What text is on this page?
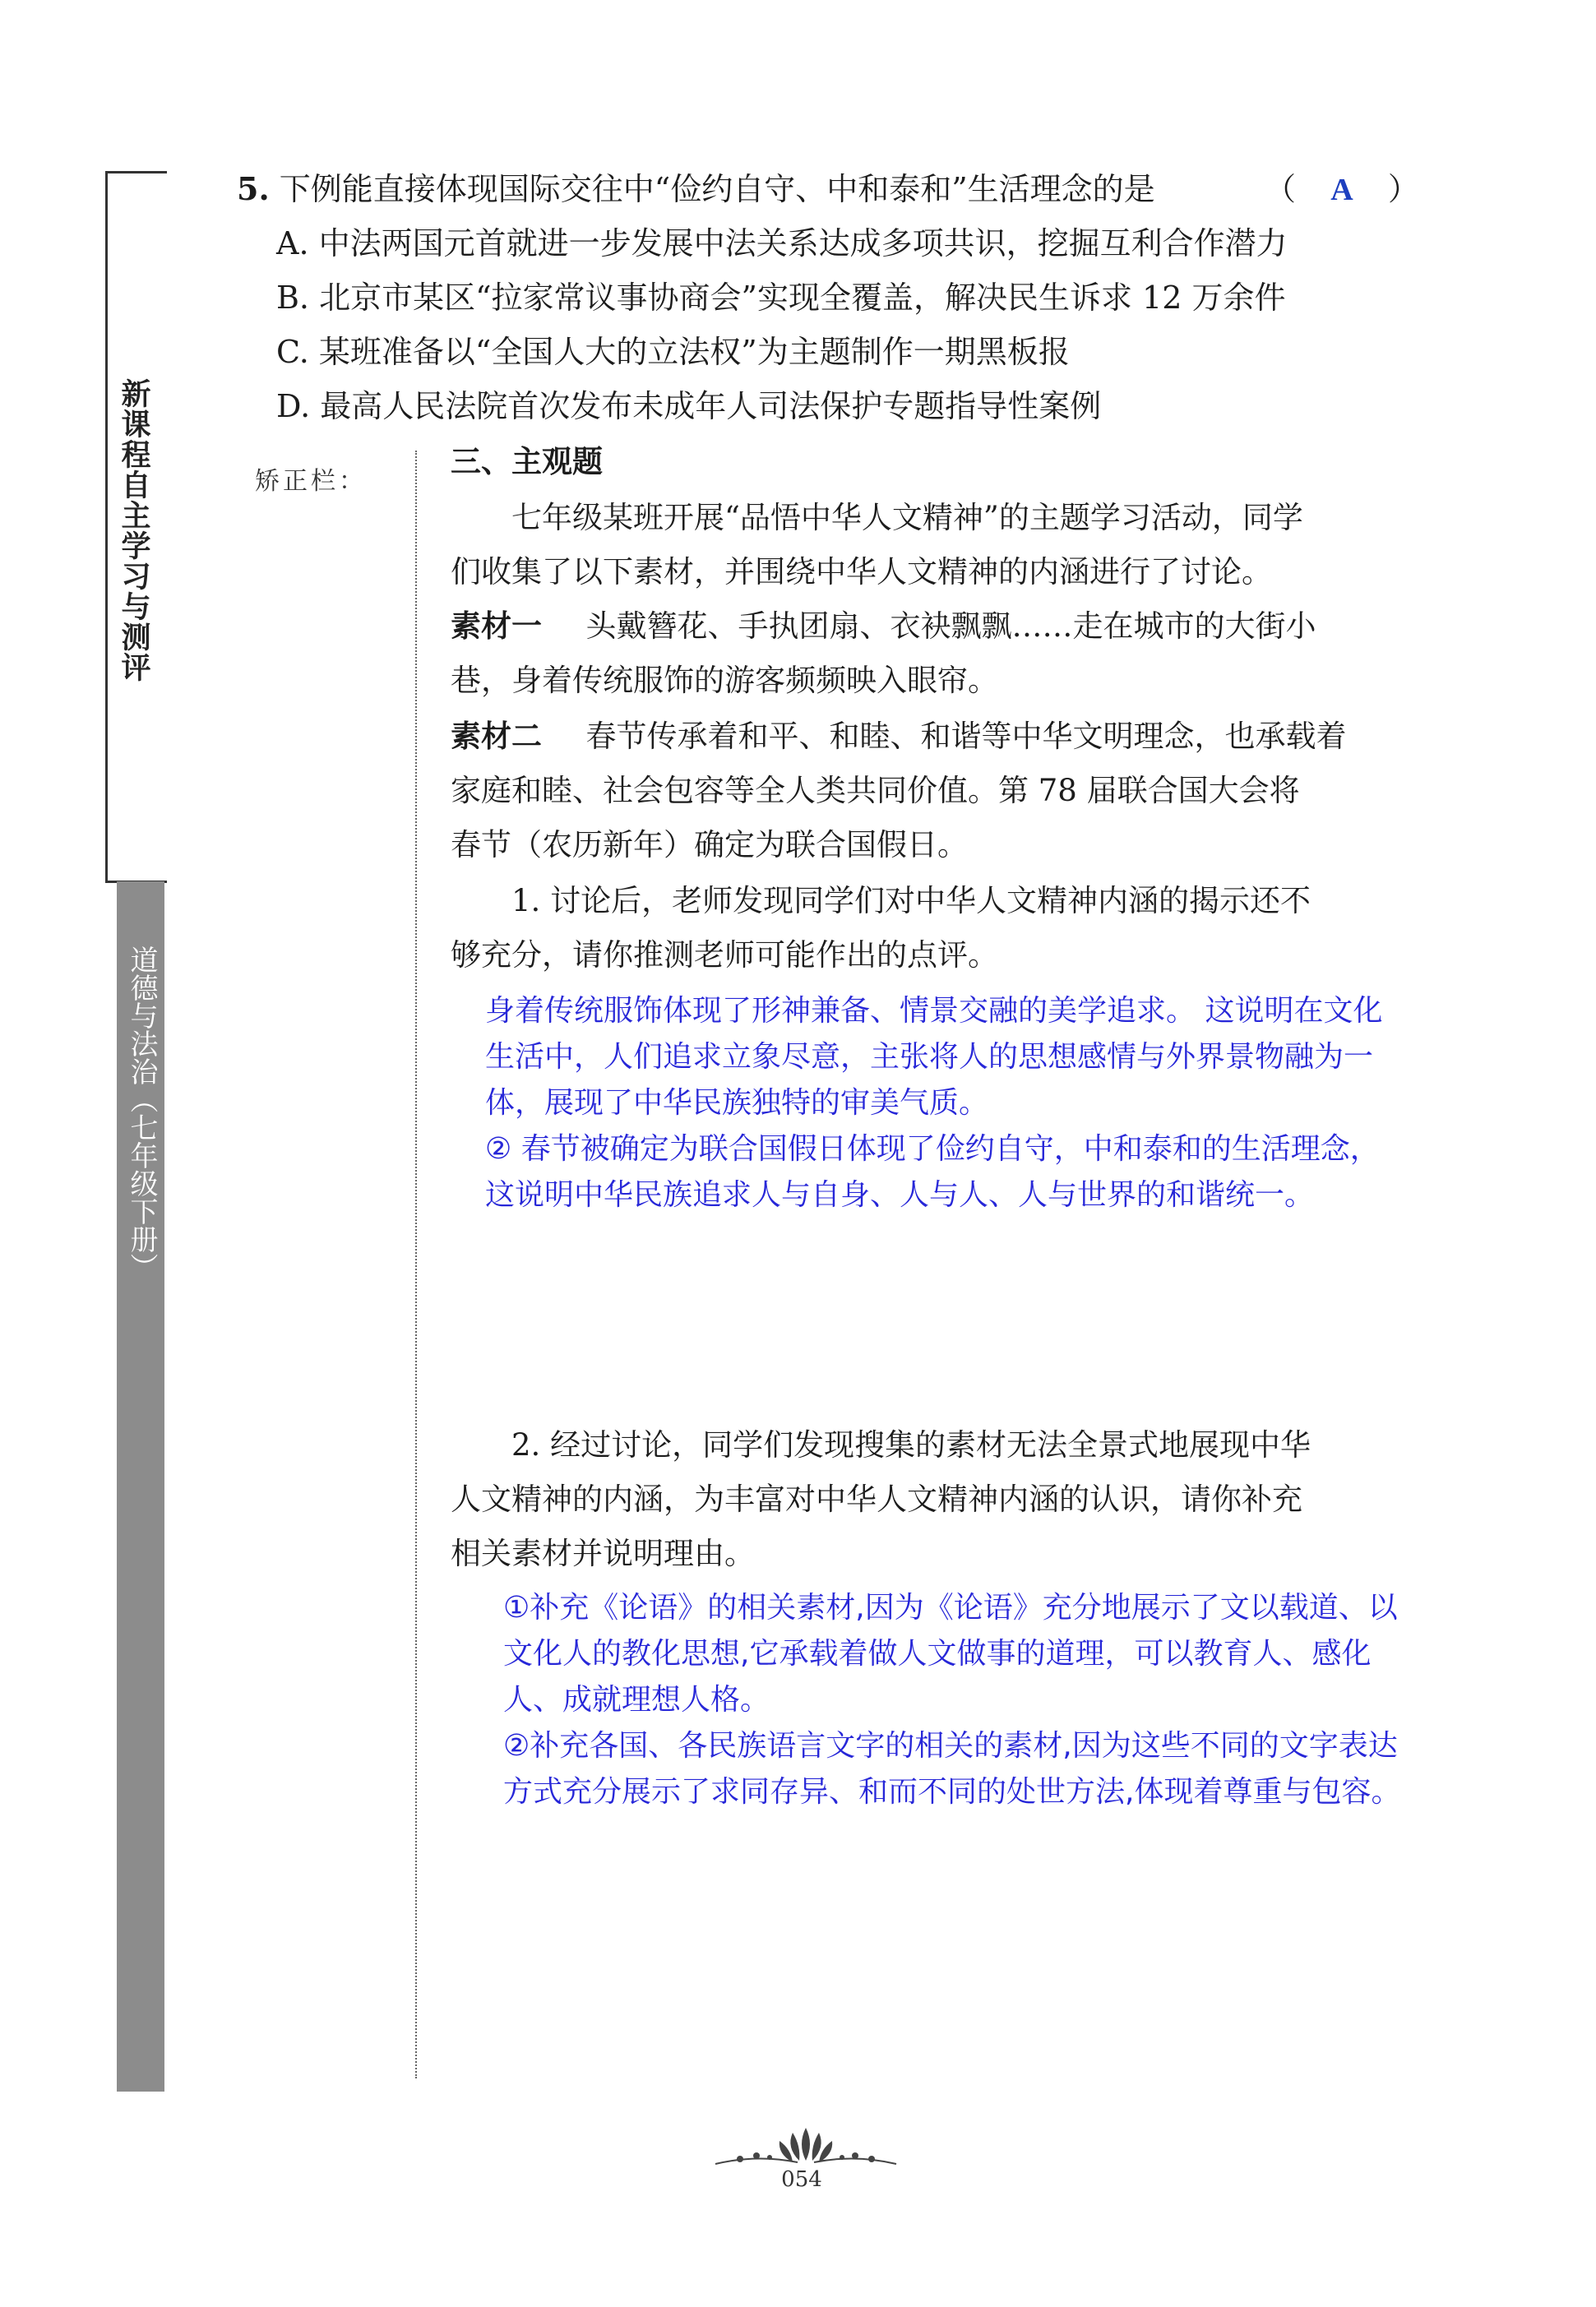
新课程自主学习与测评
道德与法治（七年级下册）
矫正栏：
5. 下例能直接体现国际交往中“俭约自守、中和泰和”生活理念的是	（ A ）
A. 中法两国元首就进一步发展中法关系达成多项共识，挖掘互利合作潜力
B. 北京市某区“拉家常议事协商会”实现全覆盖，解决民生诉求 12 万余件
C. 某班准备以“全国人大的立法权”为主题制作一期黑板报
D. 最高人民法院首次发布未成年人司法保护专题指导性案例
三、主观题
七年级某班开展“品悟中华人文精神”的主题学习活动，同学
们收集了以下素材，并围绕中华人文精神的内涵进行了讨论。
素材一 头戴簪花、手执团扇、衣袂飘飘……走在城市的大街小
巷，身着传统服饰的游客频频映入眼帘。
素材二 春节传承着和平、和睦、和谐等中华文明理念，也承载着
家庭和睦、社会包容等全人类共同价值。第 78 届联合国大会将
春节（农历新年）确定为联合国假日。
1. 讨论后，老师发现同学们对中华人文精神内涵的揭示还不
够充分，请你推测老师可能作出的点评。
身着传统服饰体现了形神兼备、情景交融的美学追求。 这说明在文化
生活中，人们追求立象尽意，主张将人的思想感情与外界景物融为一
体，展现了中华民族独特的审美气质。
② 春节被确定为联合国假日体现了俭约自守，中和泰和的生活理念，
这说明中华民族追求人与自身、人与人、人与世界的和谐统一。
2. 经过讨论，同学们发现搜集的素材无法全景式地展现中华
人文精神的内涵，为丰富对中华人文精神内涵的认识，请你补充
相关素材并说明理由。
①补充《论语》的相关素材,因为《论语》充分地展示了文以载道、以
文化人的教化思想,它承载着做人文做事的道理，可以教育人、感化
人、成就理想人格。
②补充各国、各民族语言文字的相关的素材,因为这些不同的文字表达
方式充分展示了求同存异、和而不同的处世方法,体现着尊重与包容。
054
